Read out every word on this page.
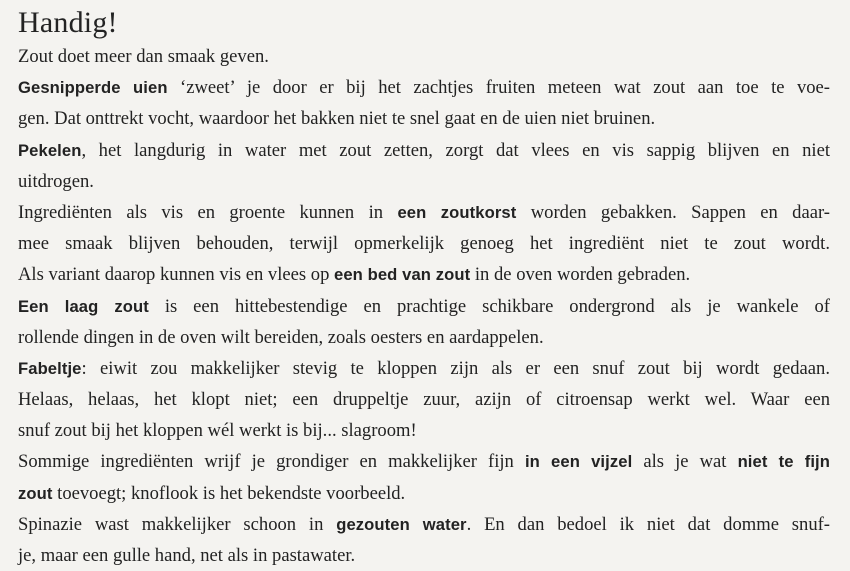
Handig!
Zout doet meer dan smaak geven.
Gesnipperde uien ‘zweet’ je door er bij het zachtjes fruiten meteen wat zout aan toe te voe-
gen. Dat onttrekt vocht, waardoor het bakken niet te snel gaat en de uien niet bruinen.
Pekelen, het langdurig in water met zout zetten, zorgt dat vlees en vis sappig blijven en niet
uitdrogen.
Ingrediënten als vis en groente kunnen in een zoutkorst worden gebakken. Sappen en daar-
mee smaak blijven behouden, terwijl opmerkelijk genoeg het ingrediënt niet te zout wordt.
Als variant daarop kunnen vis en vlees op een bed van zout in de oven worden gebraden.
Een laag zout is een hittebestendige en prachtige schikbare ondergrond als je wankele of
rollende dingen in de oven wilt bereiden, zoals oesters en aardappelen.
Fabeltje: eiwit zou makkelijker stevig te kloppen zijn als er een snuf zout bij wordt gedaan.
Helaas, helaas, het klopt niet; een druppeltje zuur, azijn of citroensap werkt wel. Waar een
snuf zout bij het kloppen wél werkt is bij... slagroom!
Sommige ingrediënten wrijf je grondiger en makkelijker fijn in een vijzel als je wat niet te fijn
zout toevoegt; knoflook is het bekendste voorbeeld.
Spinazie wast makkelijker schoon in gezouten water. En dan bedoel ik niet dat domme snuf-
je, maar een gulle hand, net als in pastawater.
